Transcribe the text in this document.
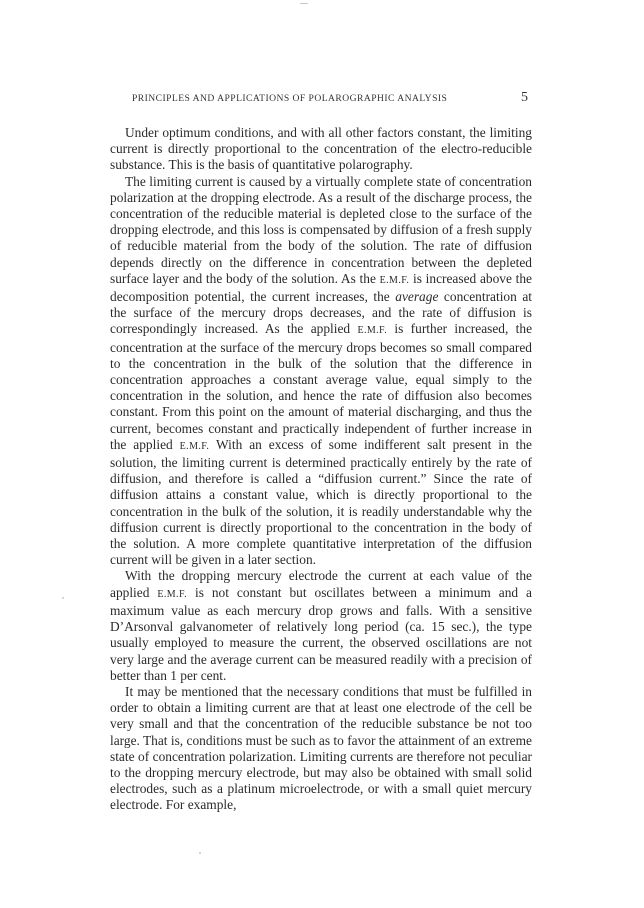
PRINCIPLES AND APPLICATIONS OF POLAROGRAPHIC ANALYSIS	5

Under optimum conditions, and with all other factors constant, the limiting current is directly proportional to the concentration of the electro-reducible substance. This is the basis of quantitative polarography.

The limiting current is caused by a virtually complete state of concentration polarization at the dropping electrode. As a result of the discharge process, the concentration of the reducible material is depleted close to the surface of the dropping electrode, and this loss is compensated by diffusion of a fresh supply of reducible material from the body of the solution. The rate of diffusion depends directly on the difference in concentration between the depleted surface layer and the body of the solution. As the E.M.F. is increased above the decomposition potential, the current increases, the average concentration at the surface of the mercury drops decreases, and the rate of diffusion is correspondingly increased. As the applied E.M.F. is further increased, the concentration at the surface of the mercury drops becomes so small compared to the concentration in the bulk of the solution that the difference in concentration approaches a constant average value, equal simply to the concentration in the solution, and hence the rate of diffusion also becomes constant. From this point on the amount of material discharging, and thus the current, becomes constant and practically independent of further increase in the applied E.M.F. With an excess of some indifferent salt present in the solution, the limiting current is determined practically entirely by the rate of diffusion, and therefore is called a “diffusion current.” Since the rate of diffusion attains a constant value, which is directly proportional to the concentration in the bulk of the solution, it is readily understandable why the diffusion current is directly proportional to the concentration in the body of the solution. A more complete quantitative interpretation of the diffusion current will be given in a later section.

With the dropping mercury electrode the current at each value of the applied E.M.F. is not constant but oscillates between a minimum and a maximum value as each mercury drop grows and falls. With a sensitive D’Arsonval galvanometer of relatively long period (ca. 15 sec.), the type usually employed to measure the current, the observed oscillations are not very large and the average current can be measured readily with a precision of better than 1 per cent.

It may be mentioned that the necessary conditions that must be fulfilled in order to obtain a limiting current are that at least one electrode of the cell be very small and that the concentration of the reducible substance be not too large. That is, conditions must be such as to favor the attainment of an extreme state of concentration polarization. Limiting currents are therefore not peculiar to the dropping mercury electrode, but may also be obtained with small solid electrodes, such as a platinum microelectrode, or with a small quiet mercury electrode. For example,
